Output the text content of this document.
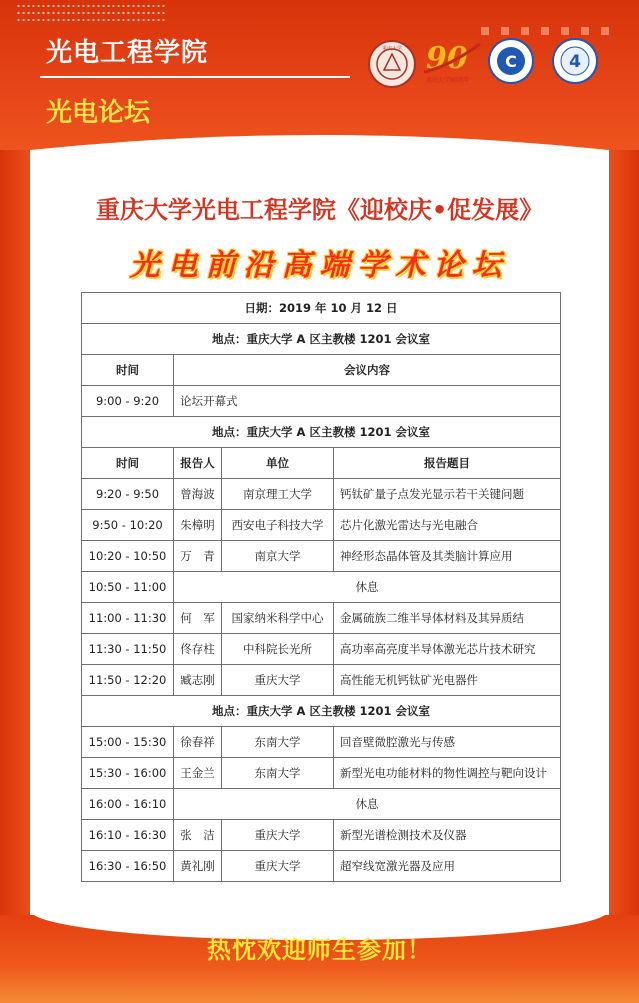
光电工程学院
光电论坛
重庆大学 90
重庆大学90周年
C	4
重庆大学光电工程学院《迎校庆•促发展》
光电前沿高端学术论坛
日期：2019 年 10 月 12 日			
地点：重庆大学 A 区主教楼 1201 会议室			
时间	会议内容		
9:00 - 9:20	论坛开幕式		
地点：重庆大学 A 区主教楼 1201 会议室			
时间	报告人	单位	报告题目
9:20 - 9:50	曾海波	南京理工大学	钙钛矿量子点发光显示若干关键问题
9:50 - 10:20	朱樟明	西安电子科技大学	芯片化激光雷达与光电融合
10:20 - 10:50	万　青	南京大学	神经形态晶体管及其类脑计算应用
10:50 - 11:00	休息		
11:00 - 11:30	何　军	国家纳米科学中心	金属硫族二维半导体材料及其异质结
11:30 - 11:50	佟存柱	中科院长光所	高功率高亮度半导体激光芯片技术研究
11:50 - 12:20	臧志刚	重庆大学	高性能无机钙钛矿光电器件
地点：重庆大学 A 区主教楼 1201 会议室			
15:00 - 15:30	徐春祥	东南大学	回音壁微腔激光与传感
15:30 - 16:00	王金兰	东南大学	新型光电功能材料的物性调控与靶向设计
16:00 - 16:10	休息		
16:10 - 16:30	张　洁	重庆大学	新型光谱检测技术及仪器
16:30 - 16:50	黄礼刚	重庆大学	超窄线宽激光器及应用
热忱欢迎师生参加！
